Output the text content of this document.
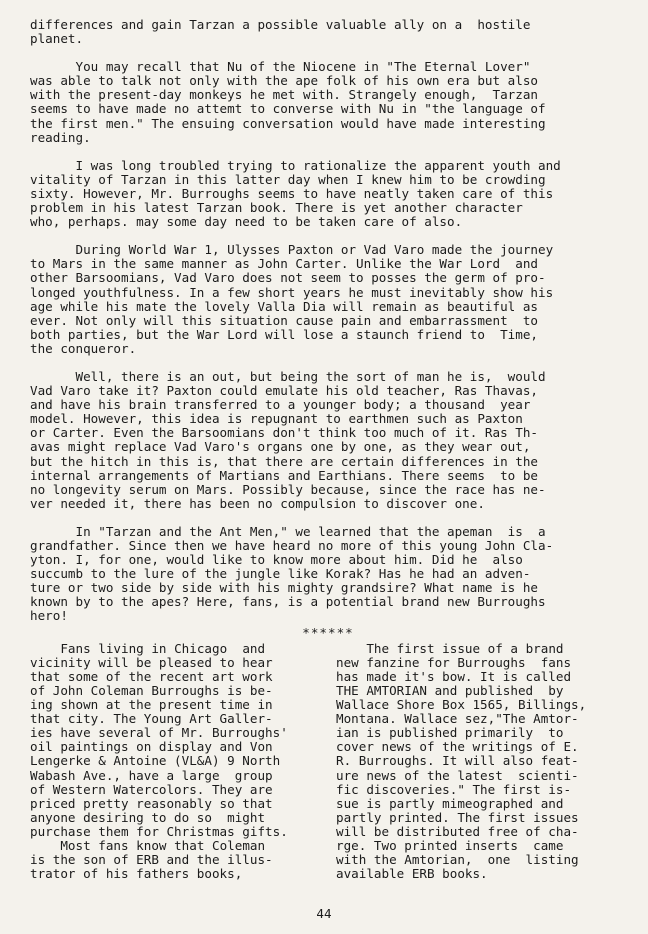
differences and gain Tarzan a possible valuable ally on a  hostile
planet.

You may recall that Nu of the Niocene in "The Eternal Lover"
was able to talk not only with the ape folk of his own era but also
with the present-day monkeys he met with. Strangely enough,  Tarzan
seems to have made no attemt to converse with Nu in "the language of
the first men." The ensuing conversation would have made interesting
reading.

I was long troubled trying to rationalize the apparent youth and
vitality of Tarzan in this latter day when I knew him to be crowding
sixty. However, Mr. Burroughs seems to have neatly taken care of this
problem in his latest Tarzan book. There is yet another character
who, perhaps. may some day need to be taken care of also.

During World War 1, Ulysses Paxton or Vad Varo made the journey
to Mars in the same manner as John Carter. Unlike the War Lord  and
other Barsoomians, Vad Varo does not seem to posses the germ of pro-
longed youthfulness. In a few short years he must inevitably show his
age while his mate the lovely Valla Dia will remain as beautiful as
ever. Not only will this situation cause pain and embarrassment  to
both parties, but the War Lord will lose a staunch friend to  Time,
the conqueror.

Well, there is an out, but being the sort of man he is,  would
Vad Varo take it? Paxton could emulate his old teacher, Ras Thavas,
and have his brain transferred to a younger body; a thousand  year
model. However, this idea is repugnant to earthmen such as Paxton
or Carter. Even the Barsoomians don't think too much of it. Ras Th-
avas might replace Vad Varo's organs one by one, as they wear out,
but the hitch in this is, that there are certain differences in the
internal arrangements of Martians and Earthians. There seems  to be
no longevity serum on Mars. Possibly because, since the race has ne-
ver needed it, there has been no compulsion to discover one.

In "Tarzan and the Ant Men," we learned that the apeman  is  a
grandfather. Since then we have heard no more of this young John Cla-
yton. I, for one, would like to know more about him. Did he  also
succumb to the lure of the jungle like Korak? Has he had an adven-
ture or two side by side with his mighty grandsire? What name is he
known by to the apes? Here, fans, is a potential brand new Burroughs
hero!

******

Fans living in Chicago  and
vicinity will be pleased to hear
that some of the recent art work
of John Coleman Burroughs is be-
ing shown at the present time in
that city. The Young Art Galler-
ies have several of Mr. Burroughs'
oil paintings on display and Von
Lengerke & Antoine (VL&A) 9 North
Wabash Ave., have a large  group
of Western Watercolors. They are
priced pretty reasonably so that
anyone desiring to do so  might
purchase them for Christmas gifts.
Most fans know that Coleman
is the son of ERB and the illus-
trator of his fathers books,

The first issue of a brand
new fanzine for Burroughs  fans
has made it's bow. It is called
THE AMTORIAN and published  by
Wallace Shore Box 1565, Billings,
Montana. Wallace sez,"The Amtor-
ian is published primarily  to
cover news of the writings of E.
R. Burroughs. It will also feat-
ure news of the latest  scienti-
fic discoveries." The first is-
sue is partly mimeographed and
partly printed. The first issues
will be distributed free of cha-
rge. Two printed inserts  came
with the Amtorian,  one  listing
available ERB books.

44
